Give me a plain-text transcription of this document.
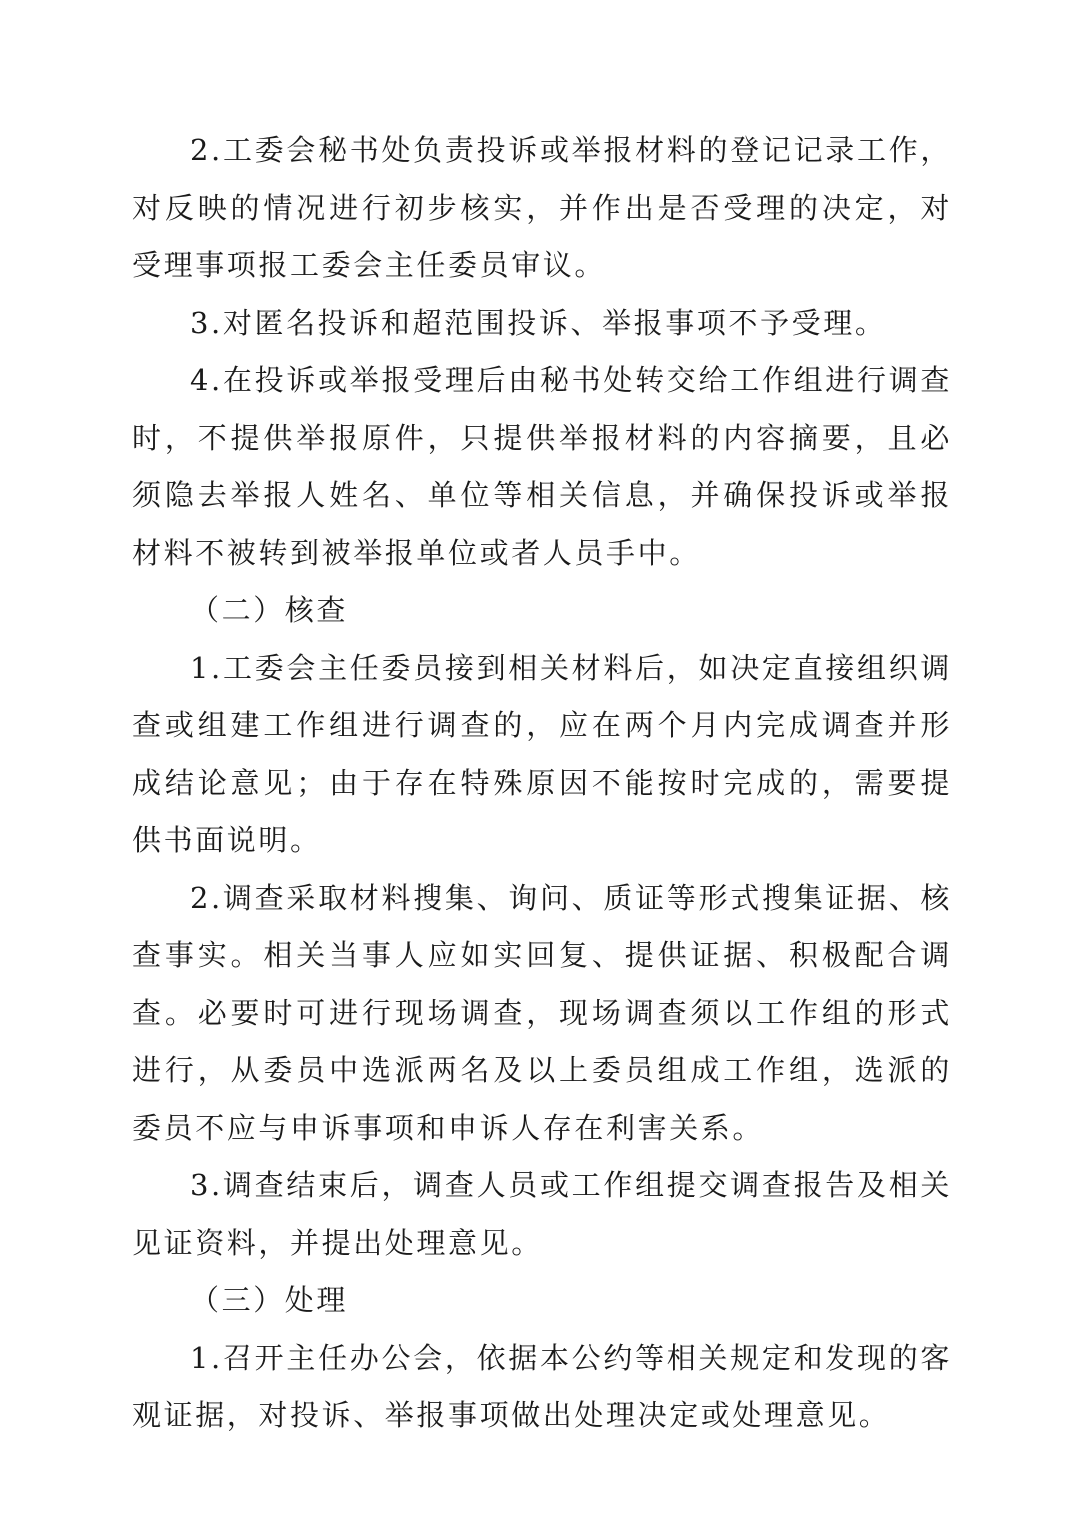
2.工委会秘书处负责投诉或举报材料的登记记录工作，对反映的情况进行初步核实，并作出是否受理的决定，对受理事项报工委会主任委员审议。

3.对匿名投诉和超范围投诉、举报事项不予受理。

4.在投诉或举报受理后由秘书处转交给工作组进行调查时，不提供举报原件，只提供举报材料的内容摘要，且必须隐去举报人姓名、单位等相关信息，并确保投诉或举报材料不被转到被举报单位或者人员手中。

（二）核查

1.工委会主任委员接到相关材料后，如决定直接组织调查或组建工作组进行调查的，应在两个月内完成调查并形成结论意见；由于存在特殊原因不能按时完成的，需要提供书面说明。

2.调查采取材料搜集、询问、质证等形式搜集证据、核查事实。相关当事人应如实回复、提供证据、积极配合调查。必要时可进行现场调查，现场调查须以工作组的形式进行，从委员中选派两名及以上委员组成工作组，选派的委员不应与申诉事项和申诉人存在利害关系。

3.调查结束后，调查人员或工作组提交调查报告及相关见证资料，并提出处理意见。

（三）处理

1.召开主任办公会，依据本公约等相关规定和发现的客观证据，对投诉、举报事项做出处理决定或处理意见。
